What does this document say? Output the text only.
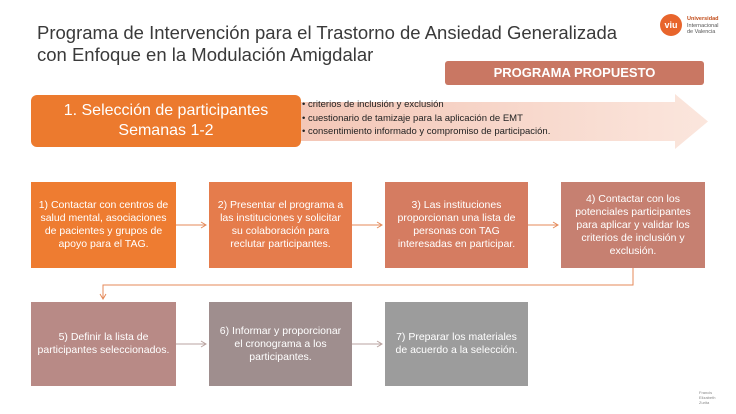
Programa de Intervención para el Trastorno de Ansiedad Generalizada
con Enfoque en la Modulación Amigdalar
viu
Universidad
Internacional
de Valencia
PROGRAMA PROPUESTO
1. Selección de participantes
Semanas 1-2
• criterios de inclusión y exclusión
• cuestionario de tamizaje para la aplicación de EMT
• consentimiento informado y compromiso de participación.
1) Contactar con centros de salud mental, asociaciones de pacientes y grupos de apoyo para el TAG.
2) Presentar el programa a las instituciones y solicitar su colaboración para reclutar participantes.
3) Las instituciones proporcionan una lista de personas con TAG interesadas en participar.
4) Contactar con los potenciales participantes para aplicar y validar los criterios de inclusión y exclusión.
5) Definir la lista de participantes seleccionados.
6) Informar y proporcionar el cronograma a los participantes.
7) Preparar los materiales de acuerdo a la selección.
Francis
Elizabeth
Zurita
